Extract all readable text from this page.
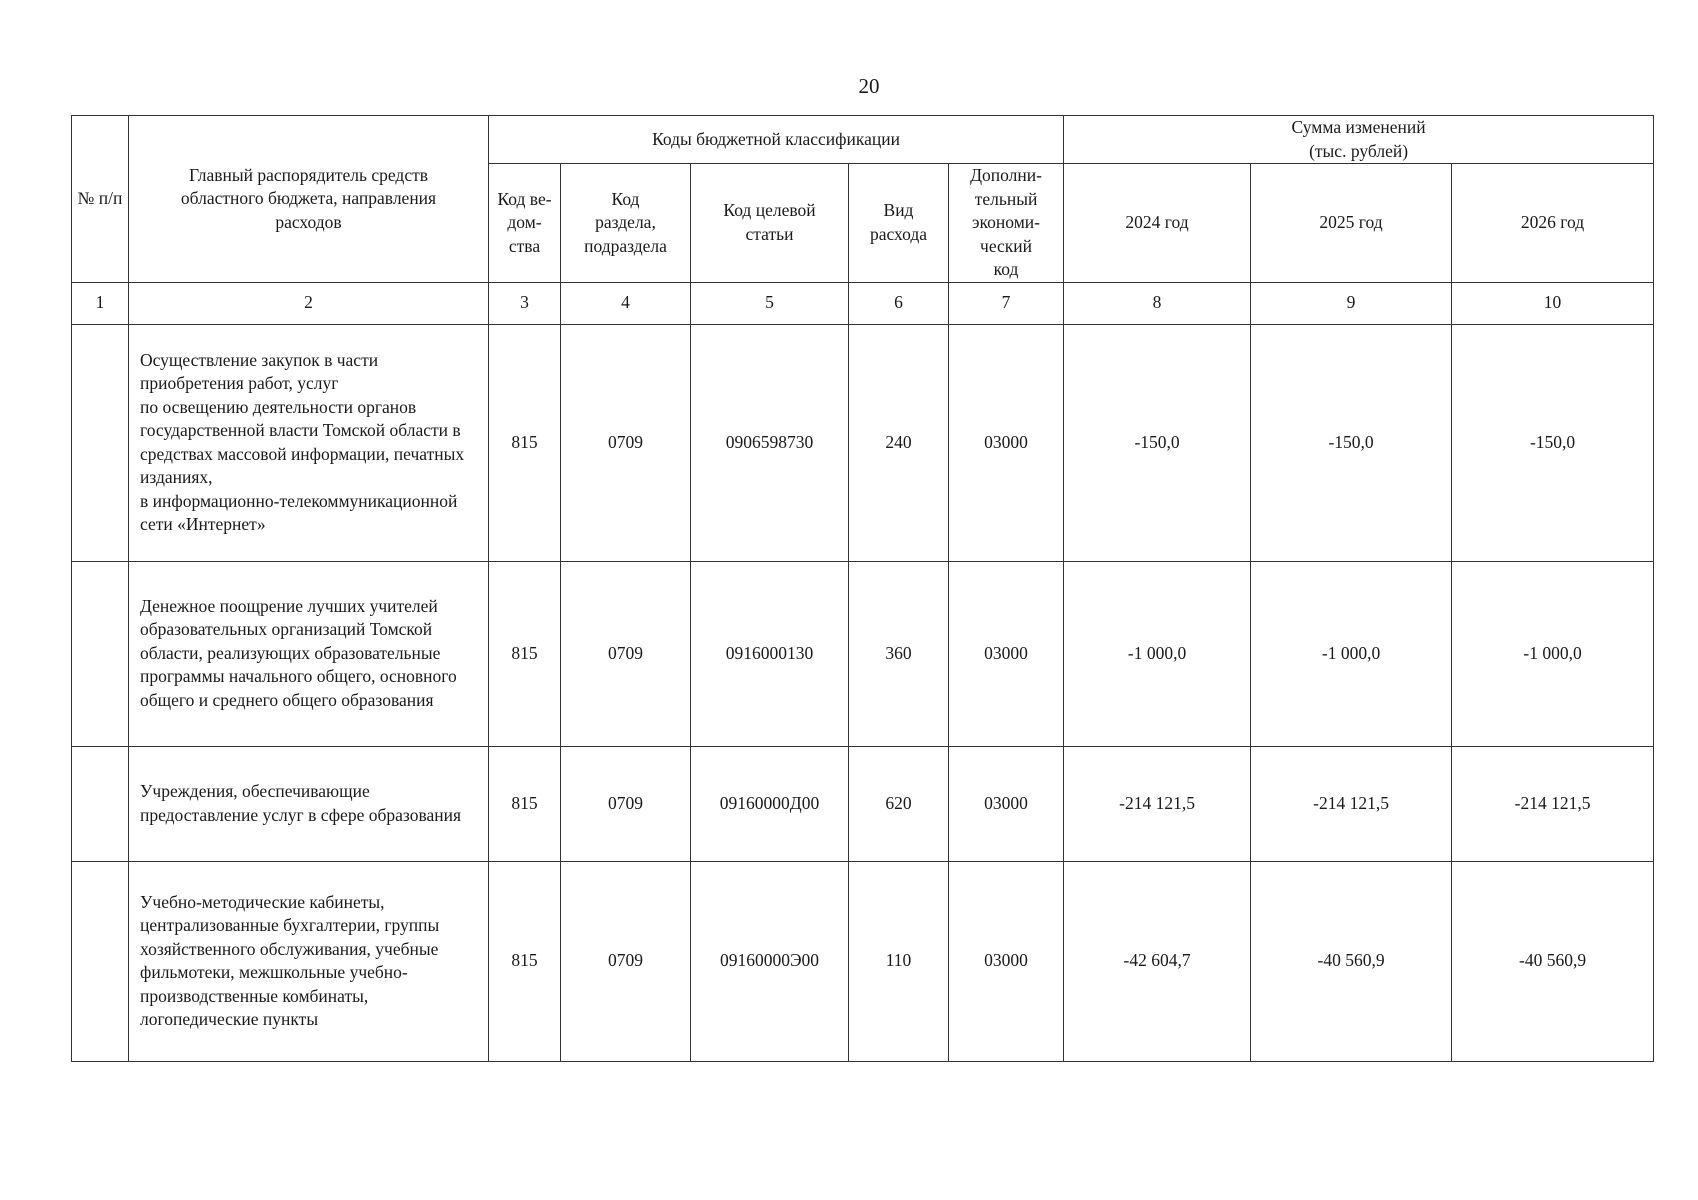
20
№ п/п	Главный распорядитель средств областного бюджета, направления расходов	Коды бюджетной классификации					Сумма изменений
(тыс. рублей)		
		Код ве-
дом-
ства	Код
раздела,
подраздела	Код целевой
статьи	Вид
расхода	Дополни-
тельный
экономи-
ческий
код	2024 год	2025 год	2026 год
1	2	3	4	5	6	7	8	9	10
	Осуществление закупок в части приобретения работ, услуг
по освещению деятельности органов государственной власти Томской области в средствах массовой информации, печатных изданиях,
в информационно-телекоммуникационной сети «Интернет»	815	0709	0906598730	240	03000	-150,0	-150,0	-150,0
	Денежное поощрение лучших учителей образовательных организаций Томской области, реализующих образовательные программы начального общего, основного общего и среднего общего образования	815	0709	0916000130	360	03000	-1 000,0	-1 000,0	-1 000,0
	Учреждения, обеспечивающие предоставление услуг в сфере образования	815	0709	09160000Д00	620	03000	-214 121,5	-214 121,5	-214 121,5
	Учебно-методические кабинеты, централизованные бухгалтерии, группы хозяйственного обслуживания, учебные фильмотеки, межшкольные учебно-производственные комбинаты, логопедические пункты	815	0709	09160000Э00	110	03000	-42 604,7	-40 560,9	-40 560,9
